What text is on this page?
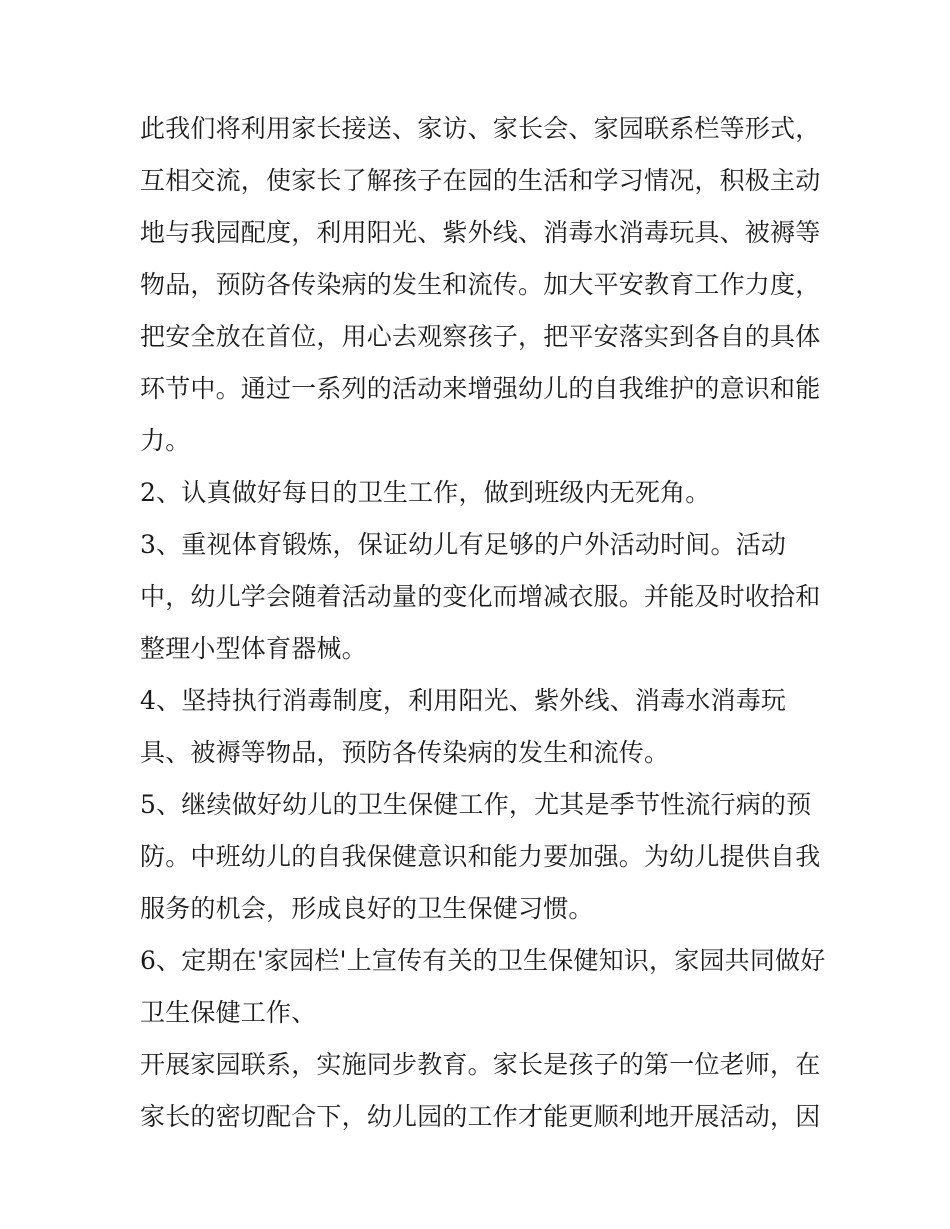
此我们将利用家长接送、家访、家长会、家园联系栏等形式，
互相交流，使家长了解孩子在园的生活和学习情况，积极主动
地与我园配度，利用阳光、紫外线、消毒水消毒玩具、被褥等
物品，预防各传染病的发生和流传。加大平安教育工作力度，
把安全放在首位，用心去观察孩子，把平安落实到各自的具体
环节中。通过一系列的活动来增强幼儿的自我维护的意识和能
力。
2、认真做好每日的卫生工作，做到班级内无死角。
3、重视体育锻炼，保证幼儿有足够的户外活动时间。活动
中，幼儿学会随着活动量的变化而增减衣服。并能及时收拾和
整理小型体育器械。
4、坚持执行消毒制度，利用阳光、紫外线、消毒水消毒玩
具、被褥等物品，预防各传染病的发生和流传。
5、继续做好幼儿的卫生保健工作，尤其是季节性流行病的预
防。中班幼儿的自我保健意识和能力要加强。为幼儿提供自我
服务的机会，形成良好的卫生保健习惯。
6、定期在'家园栏'上宣传有关的卫生保健知识，家园共同做好
卫生保健工作、
开展家园联系，实施同步教育。家长是孩子的第一位老师，在
家长的密切配合下，幼儿园的工作才能更顺利地开展活动，因
